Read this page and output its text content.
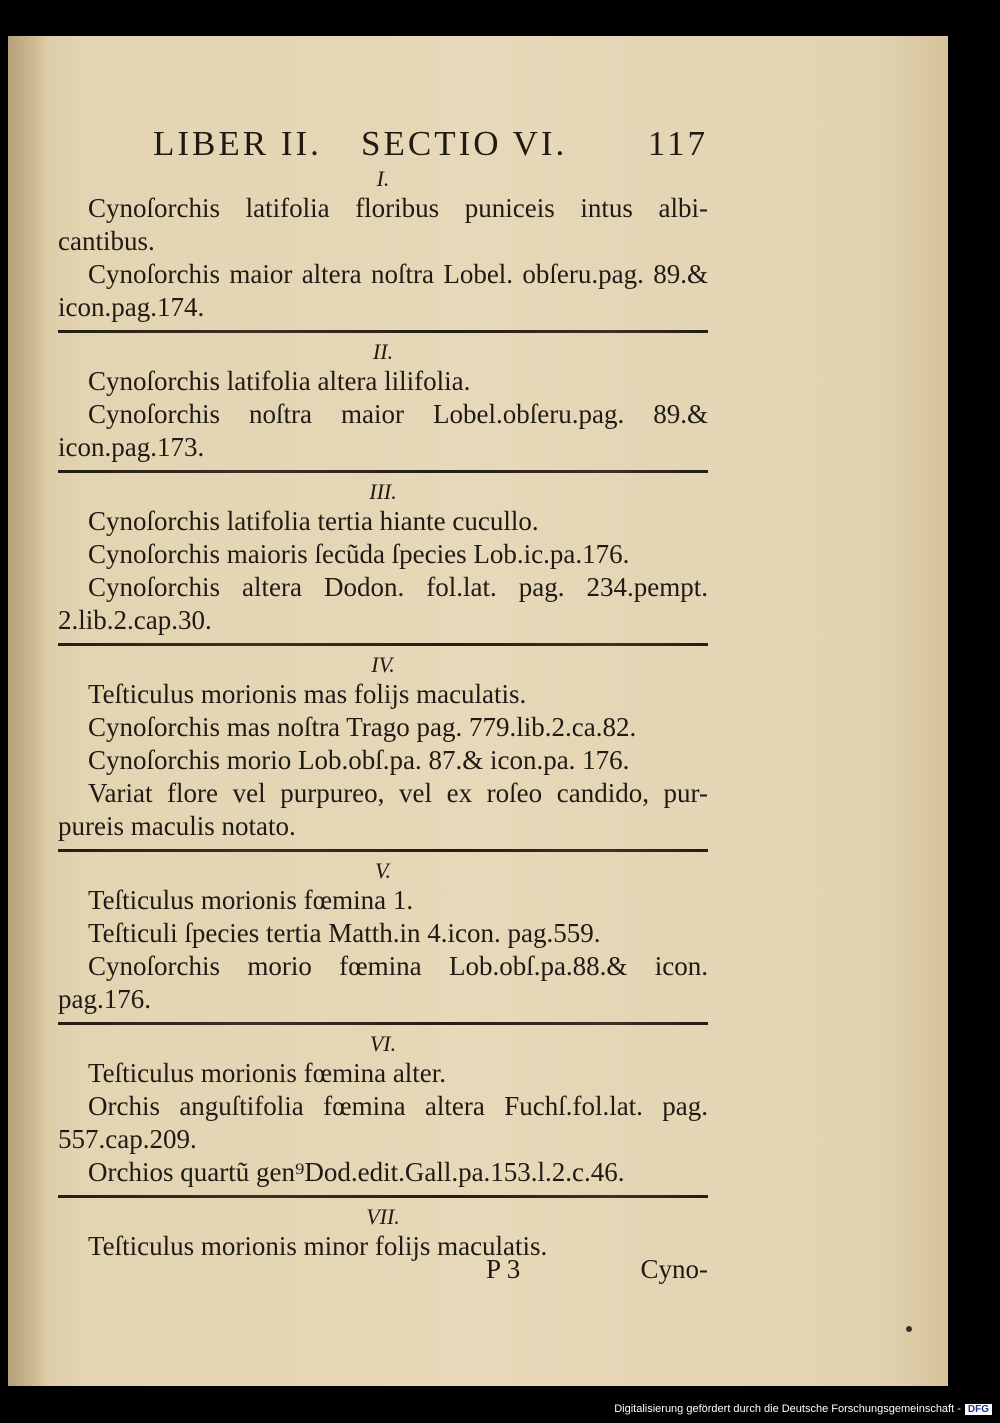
LIBER II. SECTIO VI. 117
I.
Cynoſorchis latifolia floribus puniceis intus albi-cantibus.
Cynoſorchis maior altera noſtra Lobel. obſeru.pag. 89.& icon.pag.174.
II.
Cynoſorchis latifolia altera lilifolia.
Cynoſorchis noſtra maior Lobel.obſeru.pag. 89.& icon.pag.173.
III.
Cynoſorchis latifolia tertia hiante cucullo.
Cynoſorchis maioris ſecũda ſpecies Lob.ic.pa.176.
Cynoſorchis altera Dodon. fol.lat. pag. 234.pempt. 2.lib.2.cap.30.
IV.
Teſticulus morionis mas folijs maculatis.
Cynoſorchis mas noſtra Trago pag. 779.lib.2.ca.82.
Cynoſorchis morio Lob.obſ.pa. 87.& icon.pa. 176.
Variat flore vel purpureo, vel ex roſeo candido, pur-pureis maculis notato.
V.
Teſticulus morionis fœmina 1.
Teſticuli ſpecies tertia Matth.in 4.icon. pag.559.
Cynoſorchis morio fœmina Lob.obſ.pa.88.& icon. pag.176.
VI.
Teſticulus morionis fœmina alter.
Orchis anguſtifolia fœmina altera Fuchſ.fol.lat. pag. 557.cap.209.
Orchios quartũ gen⁹Dod.edit.Gall.pa.153.l.2.c.46.
VII.
Teſticulus morionis minor folijs maculatis.
P 3	Cyno-
Digitalisierung gefördert durch die Deutsche Forschungsgemeinschaft - DFG
